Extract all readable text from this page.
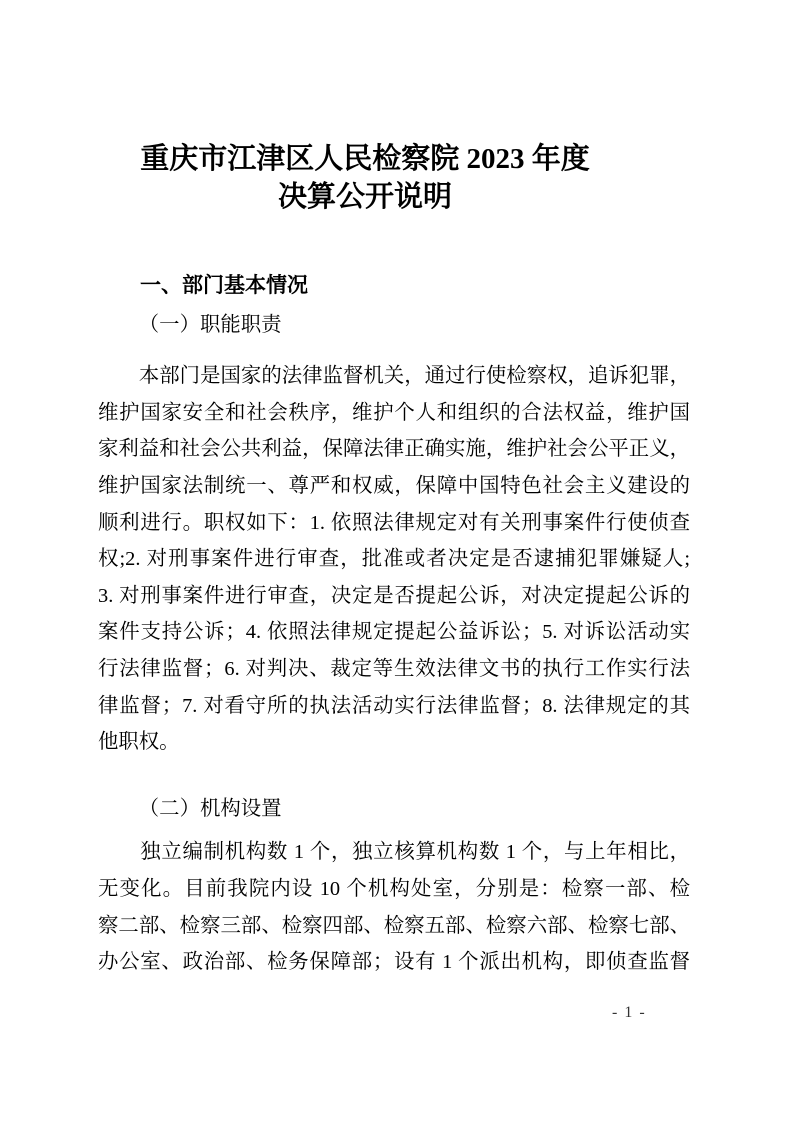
重庆市江津区人民检察院 2023 年度
决算公开说明
一、部门基本情况
（一）职能职责
　　本部门是国家的法律监督机关，通过行使检察权，追诉犯罪，
维护国家安全和社会秩序，维护个人和组织的合法权益，维护国
家利益和社会公共利益，保障法律正确实施，维护社会公平正义，
维护国家法制统一、尊严和权威，保障中国特色社会主义建设的
顺利进行。职权如下：1. 依照法律规定对有关刑事案件行使侦查
权;2. 对刑事案件进行审查，批准或者决定是否逮捕犯罪嫌疑人;
3. 对刑事案件进行审查，决定是否提起公诉，对决定提起公诉的
案件支持公诉；4. 依照法律规定提起公益诉讼；5. 对诉讼活动实
行法律监督；6. 对判决、裁定等生效法律文书的执行工作实行法
律监督；7. 对看守所的执法活动实行法律监督；8. 法律规定的其
他职权。
（二）机构设置
　　独立编制机构数 1 个，独立核算机构数 1 个，与上年相比，
无变化。目前我院内设 10 个机构处室，分别是：检察一部、检
察二部、检察三部、检察四部、检察五部、检察六部、检察七部、
办公室、政治部、检务保障部；设有 1 个派出机构，即侦查监督
- 1 -
